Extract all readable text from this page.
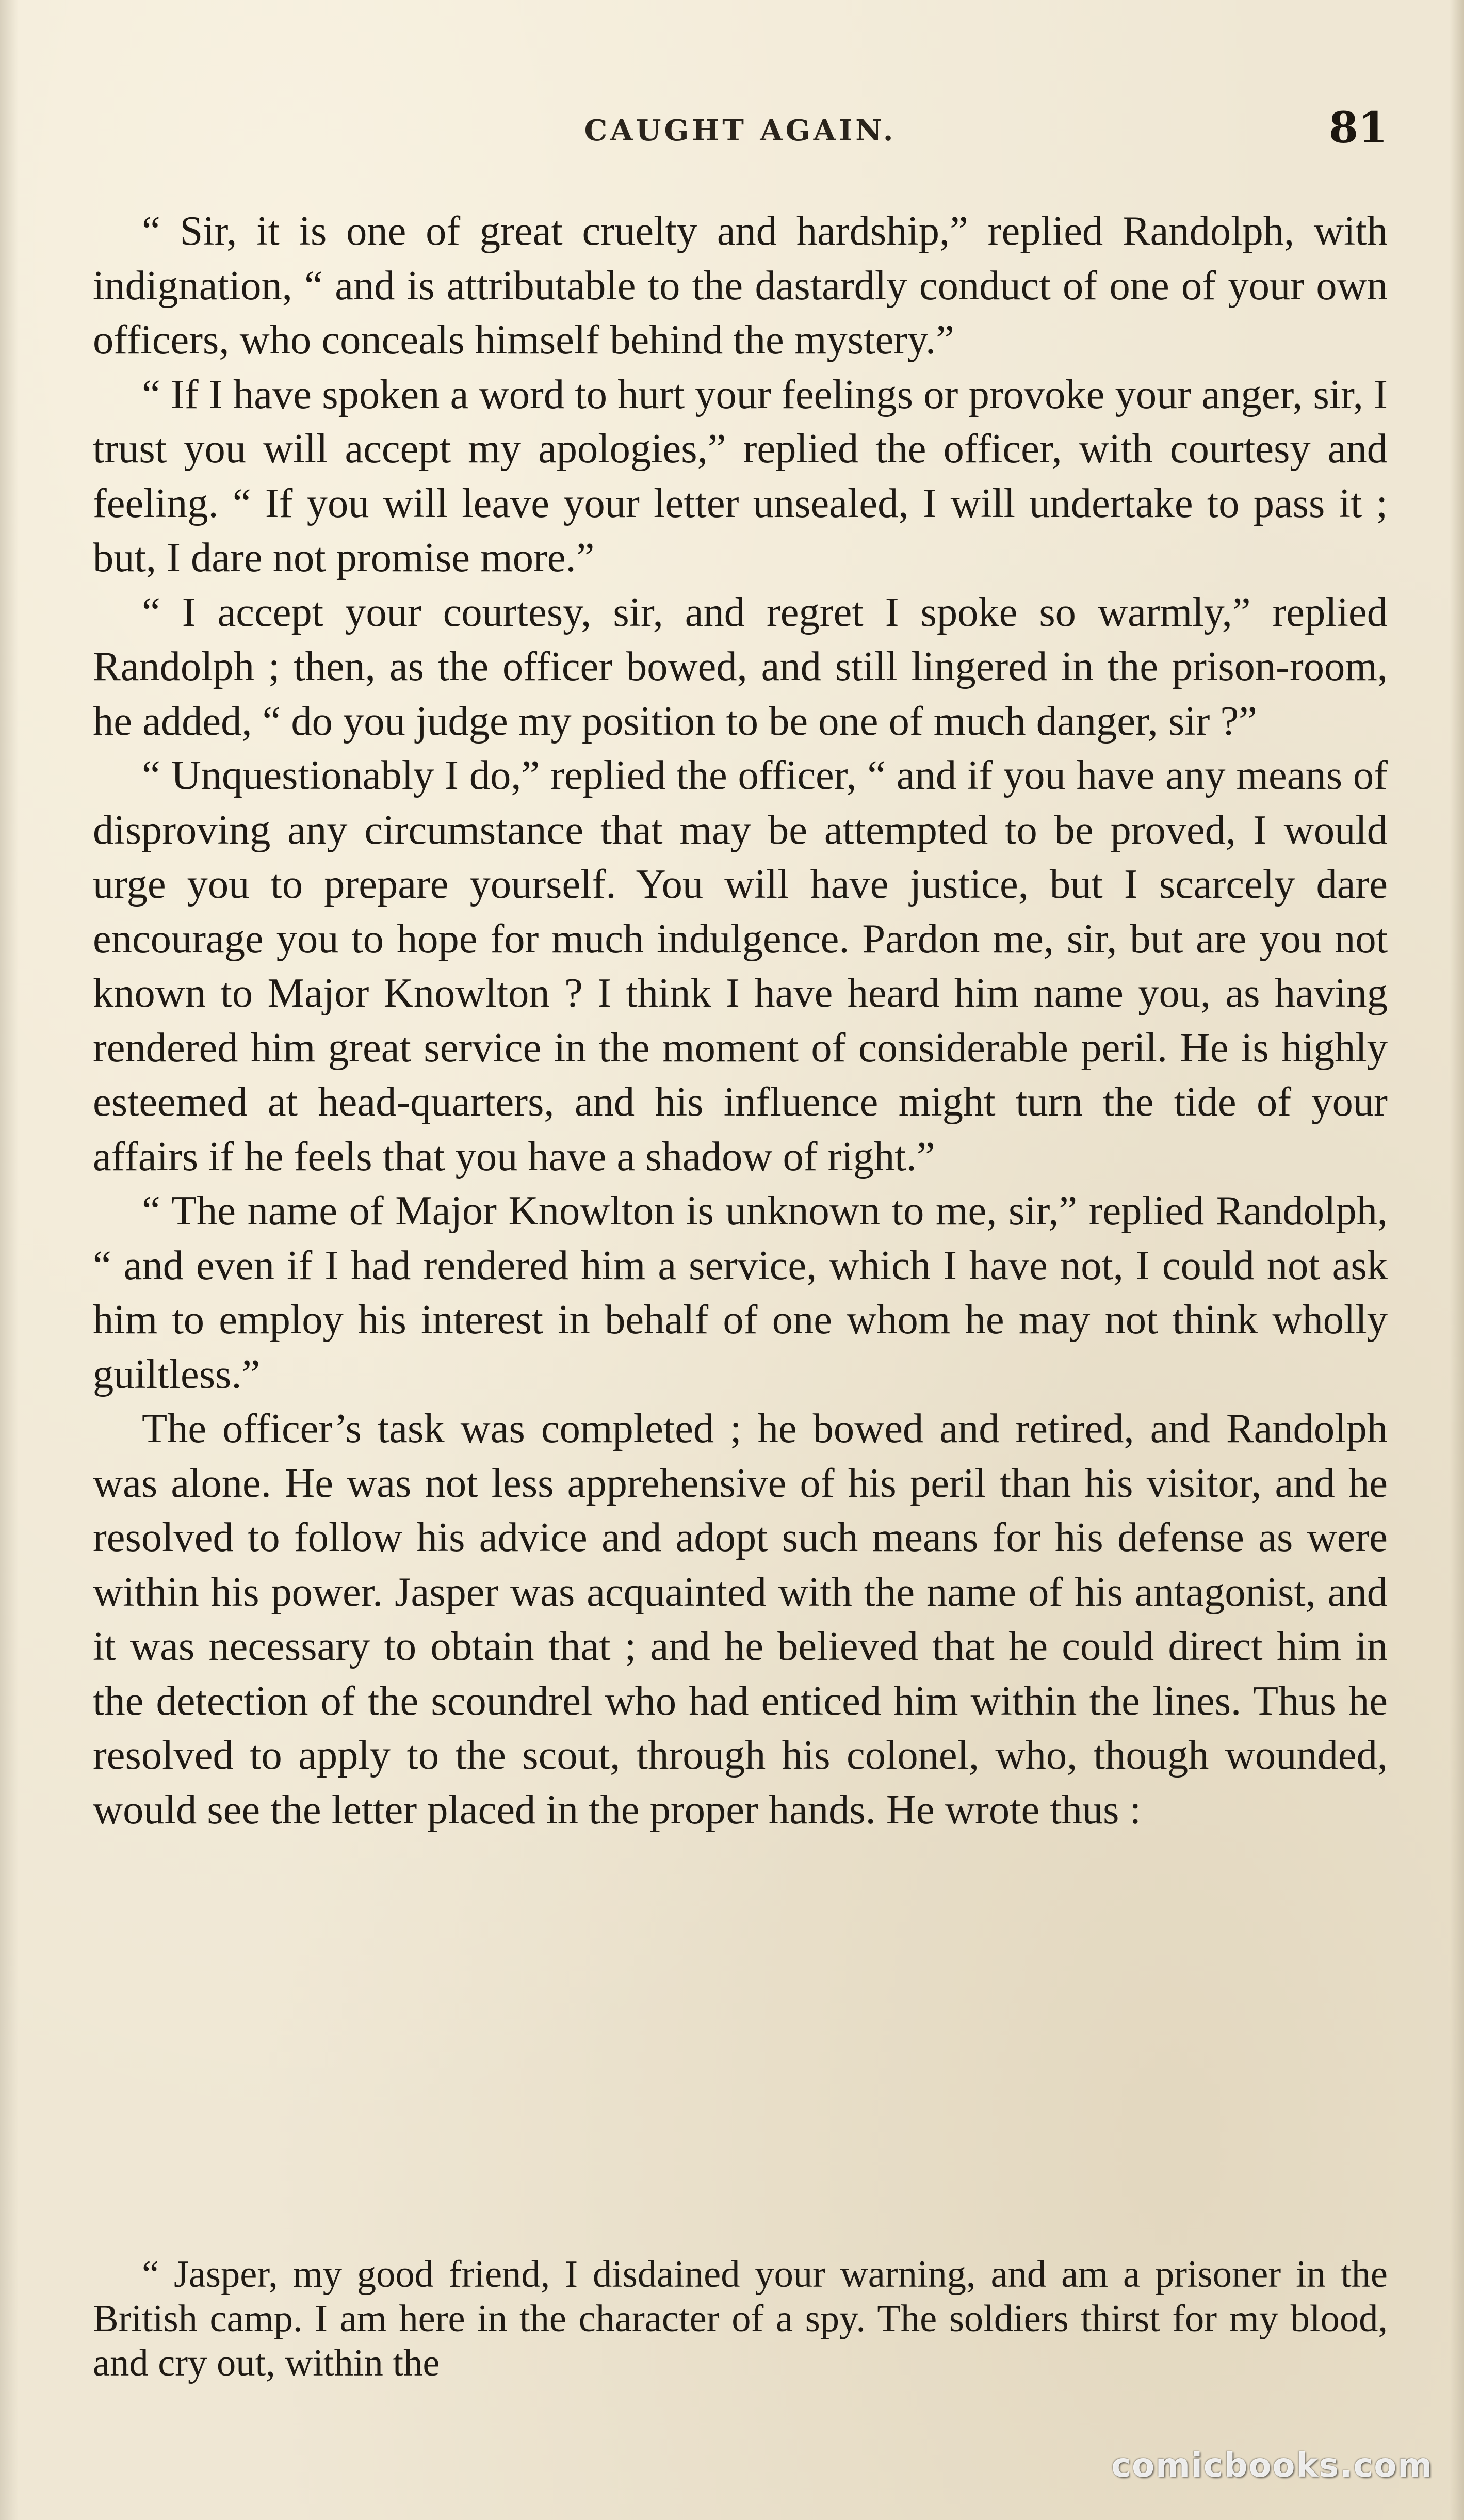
CAUGHT AGAIN.	81

“ Sir, it is one of great cruelty and hardship,” replied Randolph, with indignation, “ and is attributable to the dastardly conduct of one of your own officers, who conceals himself behind the mystery.”

“ If I have spoken a word to hurt your feelings or provoke your anger, sir, I trust you will accept my apologies,” replied the officer, with courtesy and feeling. “ If you will leave your letter unsealed, I will undertake to pass it ; but, I dare not promise more.”

“ I accept your courtesy, sir, and regret I spoke so warmly,” replied Randolph ; then, as the officer bowed, and still lingered in the prison-room, he added, “ do you judge my position to be one of much danger, sir ?”

“ Unquestionably I do,” replied the officer, “ and if you have any means of disproving any circumstance that may be attempted to be proved, I would urge you to prepare yourself. You will have justice, but I scarcely dare encourage you to hope for much indulgence. Pardon me, sir, but are you not known to Major Knowlton ? I think I have heard him name you, as having rendered him great service in the moment of considerable peril. He is highly esteemed at head-quarters, and his influence might turn the tide of your affairs if he feels that you have a shadow of right.”

“ The name of Major Knowlton is unknown to me, sir,” replied Randolph, “ and even if I had rendered him a service, which I have not, I could not ask him to employ his interest in behalf of one whom he may not think wholly guiltless.”

The officer’s task was completed ; he bowed and retired, and Randolph was alone. He was not less apprehensive of his peril than his visitor, and he resolved to follow his advice and adopt such means for his defense as were within his power. Jasper was acquainted with the name of his antagonist, and it was necessary to obtain that ; and he believed that he could direct him in the detection of the scoundrel who had enticed him within the lines. Thus he resolved to apply to the scout, through his colonel, who, though wounded, would see the letter placed in the proper hands. He wrote thus :

“ Jasper, my good friend, I disdained your warning, and am a prisoner in the British camp. I am here in the character of a spy. The soldiers thirst for my blood, and cry out, within the

comicbooks.com
